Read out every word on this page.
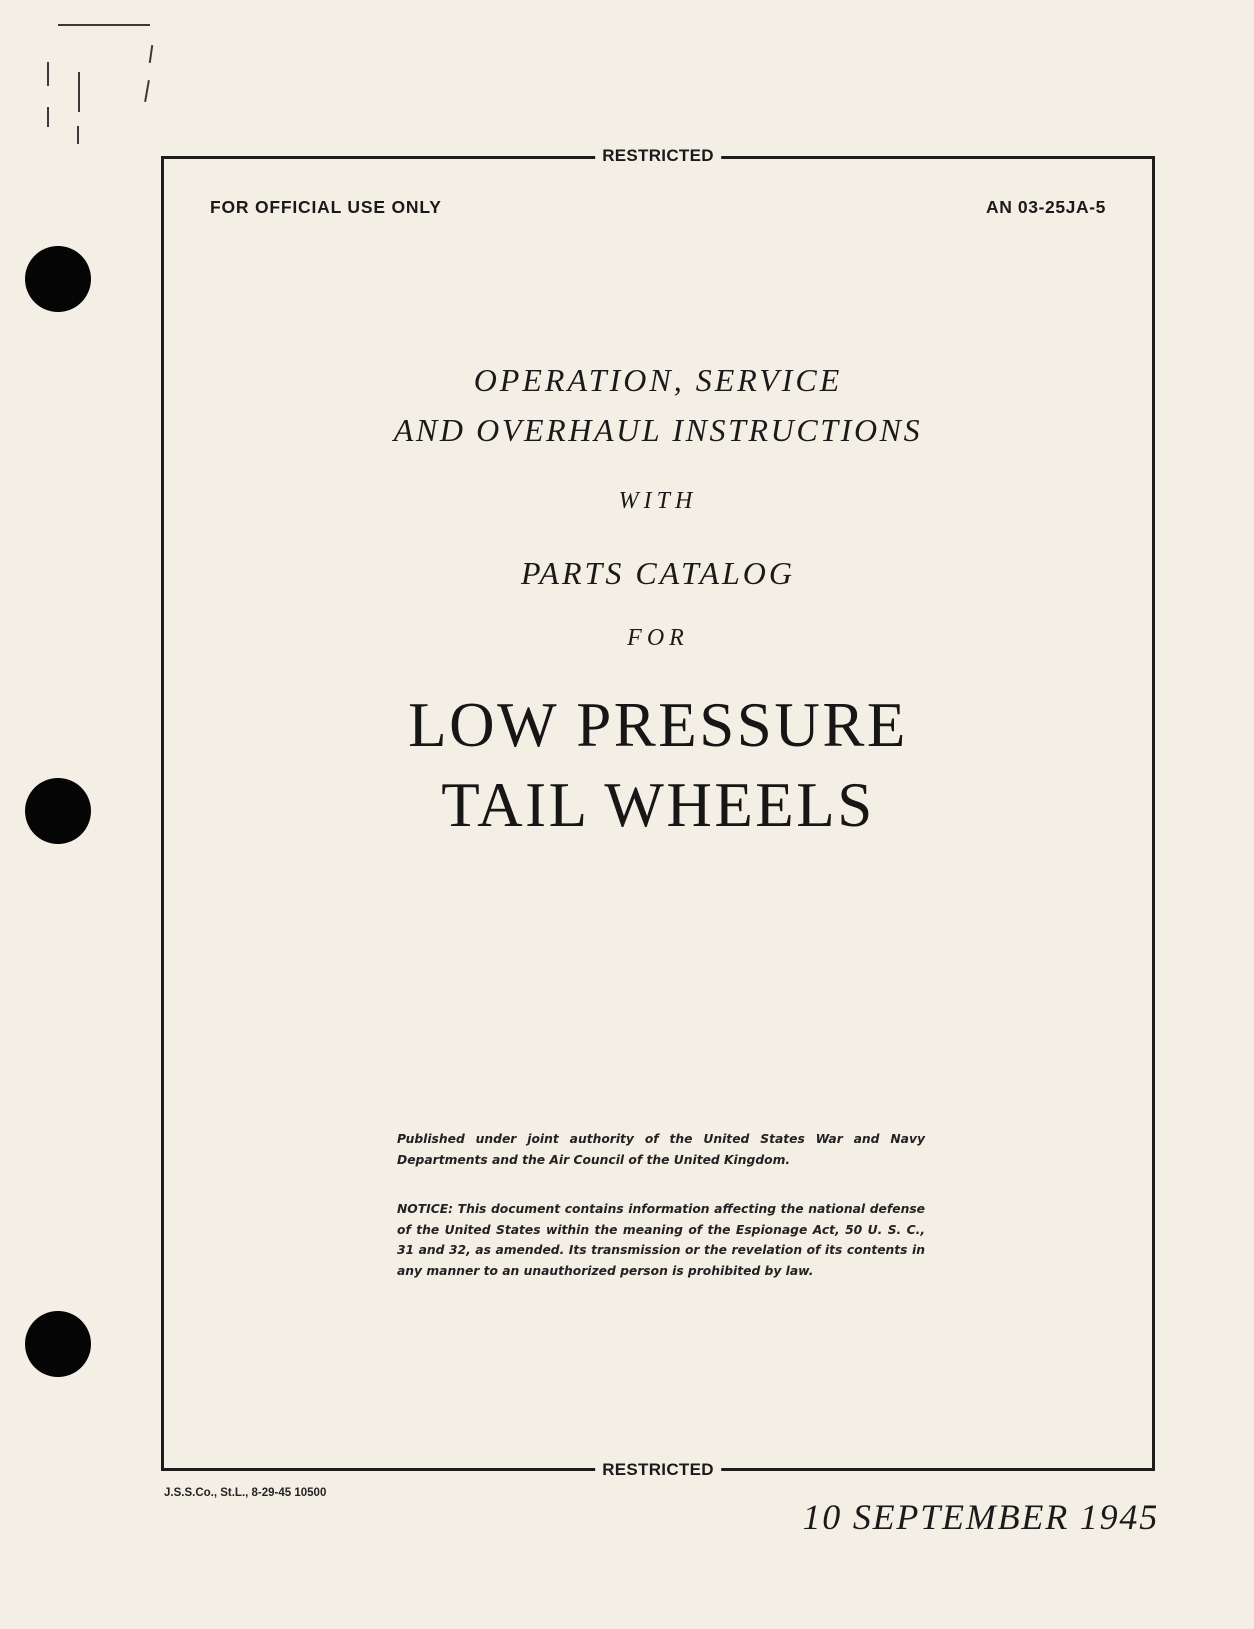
RESTRICTED
FOR OFFICIAL USE ONLY	AN 03-25JA-5
OPERATION, SERVICE
AND OVERHAUL INSTRUCTIONS
WITH
PARTS CATALOG
FOR
LOW PRESSURE
TAIL WHEELS
Published under joint authority of the United States War and Navy Departments and the Air Council of the United Kingdom.
NOTICE: This document contains information affecting the national defense of the United States within the meaning of the Espionage Act, 50 U. S. C., 31 and 32, as amended. Its transmission or the revelation of its contents in any manner to an unauthorized person is prohibited by law.
RESTRICTED
J.S.S.Co., St.L., 8-29-45 10500
10 SEPTEMBER 1945
